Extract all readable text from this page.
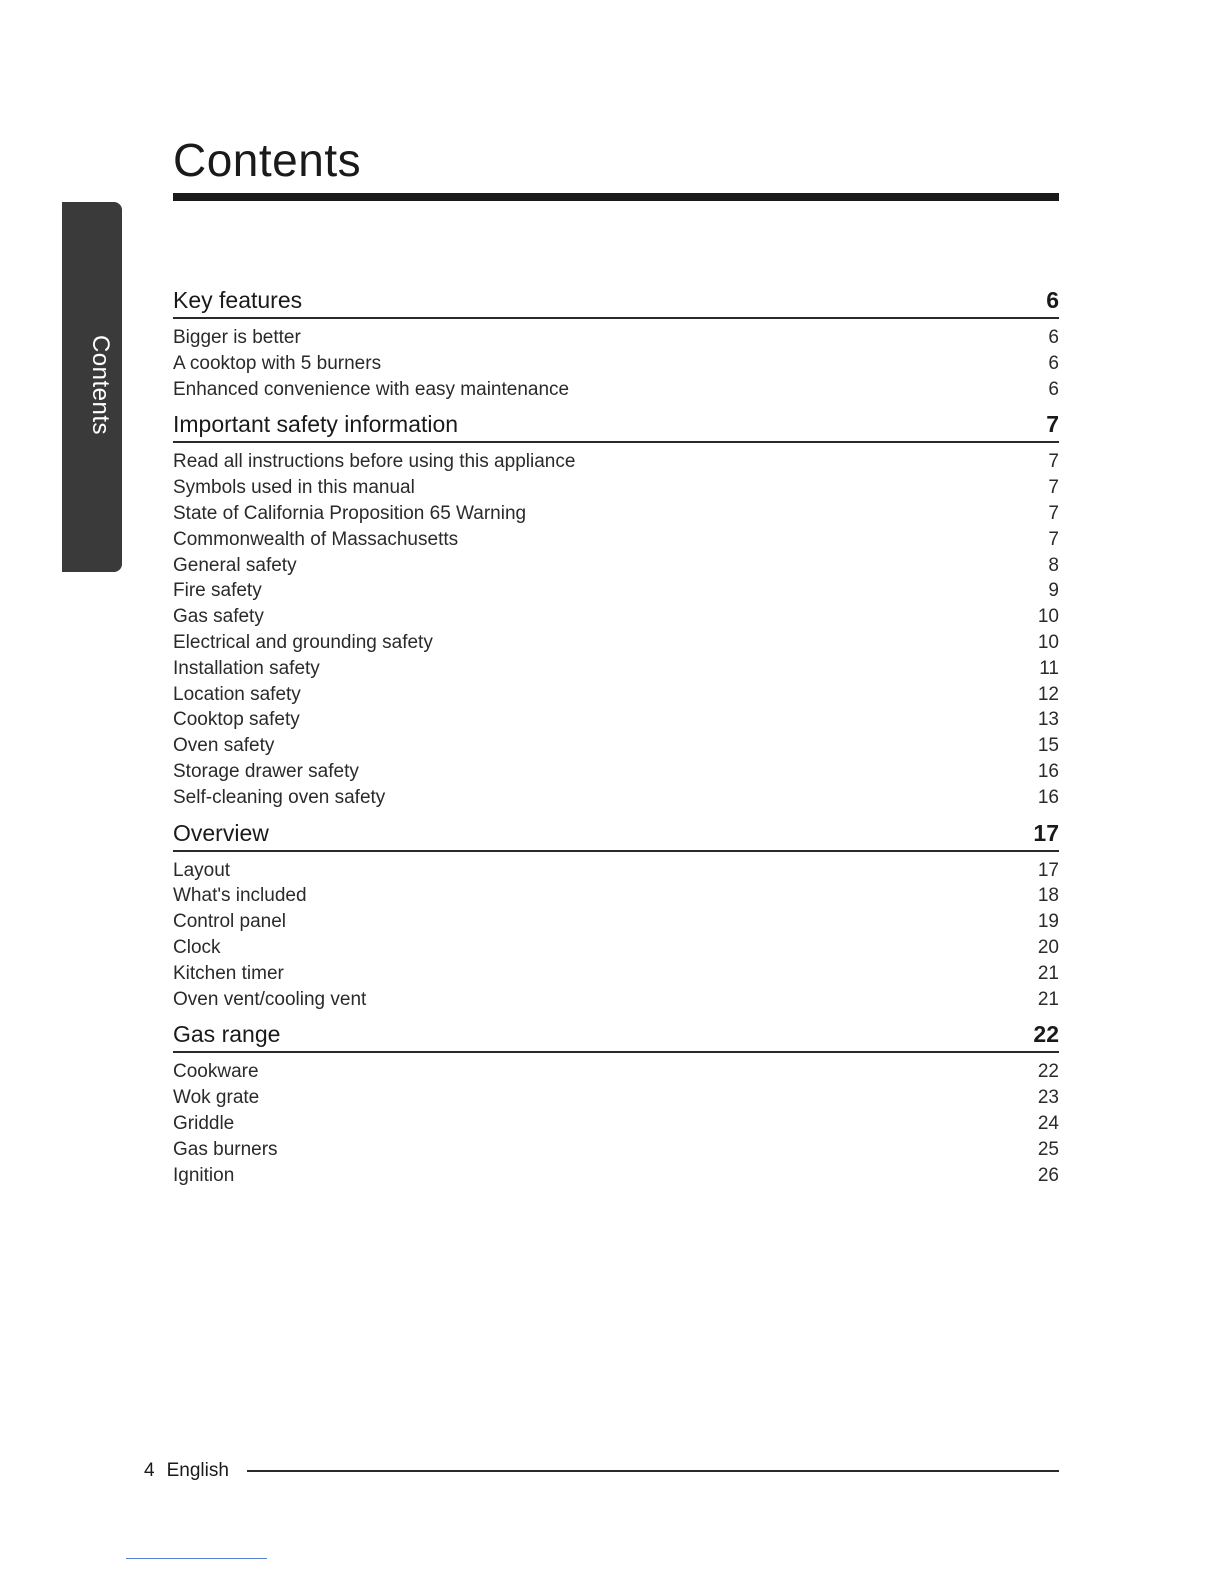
Contents
Contents
Key features	6
Bigger is better	6
A cooktop with 5 burners	6
Enhanced convenience with easy maintenance	6
Important safety information	7
Read all instructions before using this appliance	7
Symbols used in this manual	7
State of California Proposition 65 Warning	7
Commonwealth of Massachusetts	7
General safety	8
Fire safety	9
Gas safety	10
Electrical and grounding safety	10
Installation safety	11
Location safety	12
Cooktop safety	13
Oven safety	15
Storage drawer safety	16
Self-cleaning oven safety	16
Overview	17
Layout	17
What's included	18
Control panel	19
Clock	20
Kitchen timer	21
Oven vent/cooling vent	21
Gas range	22
Cookware	22
Wok grate	23
Griddle	24
Gas burners	25
Ignition	26
4 English
